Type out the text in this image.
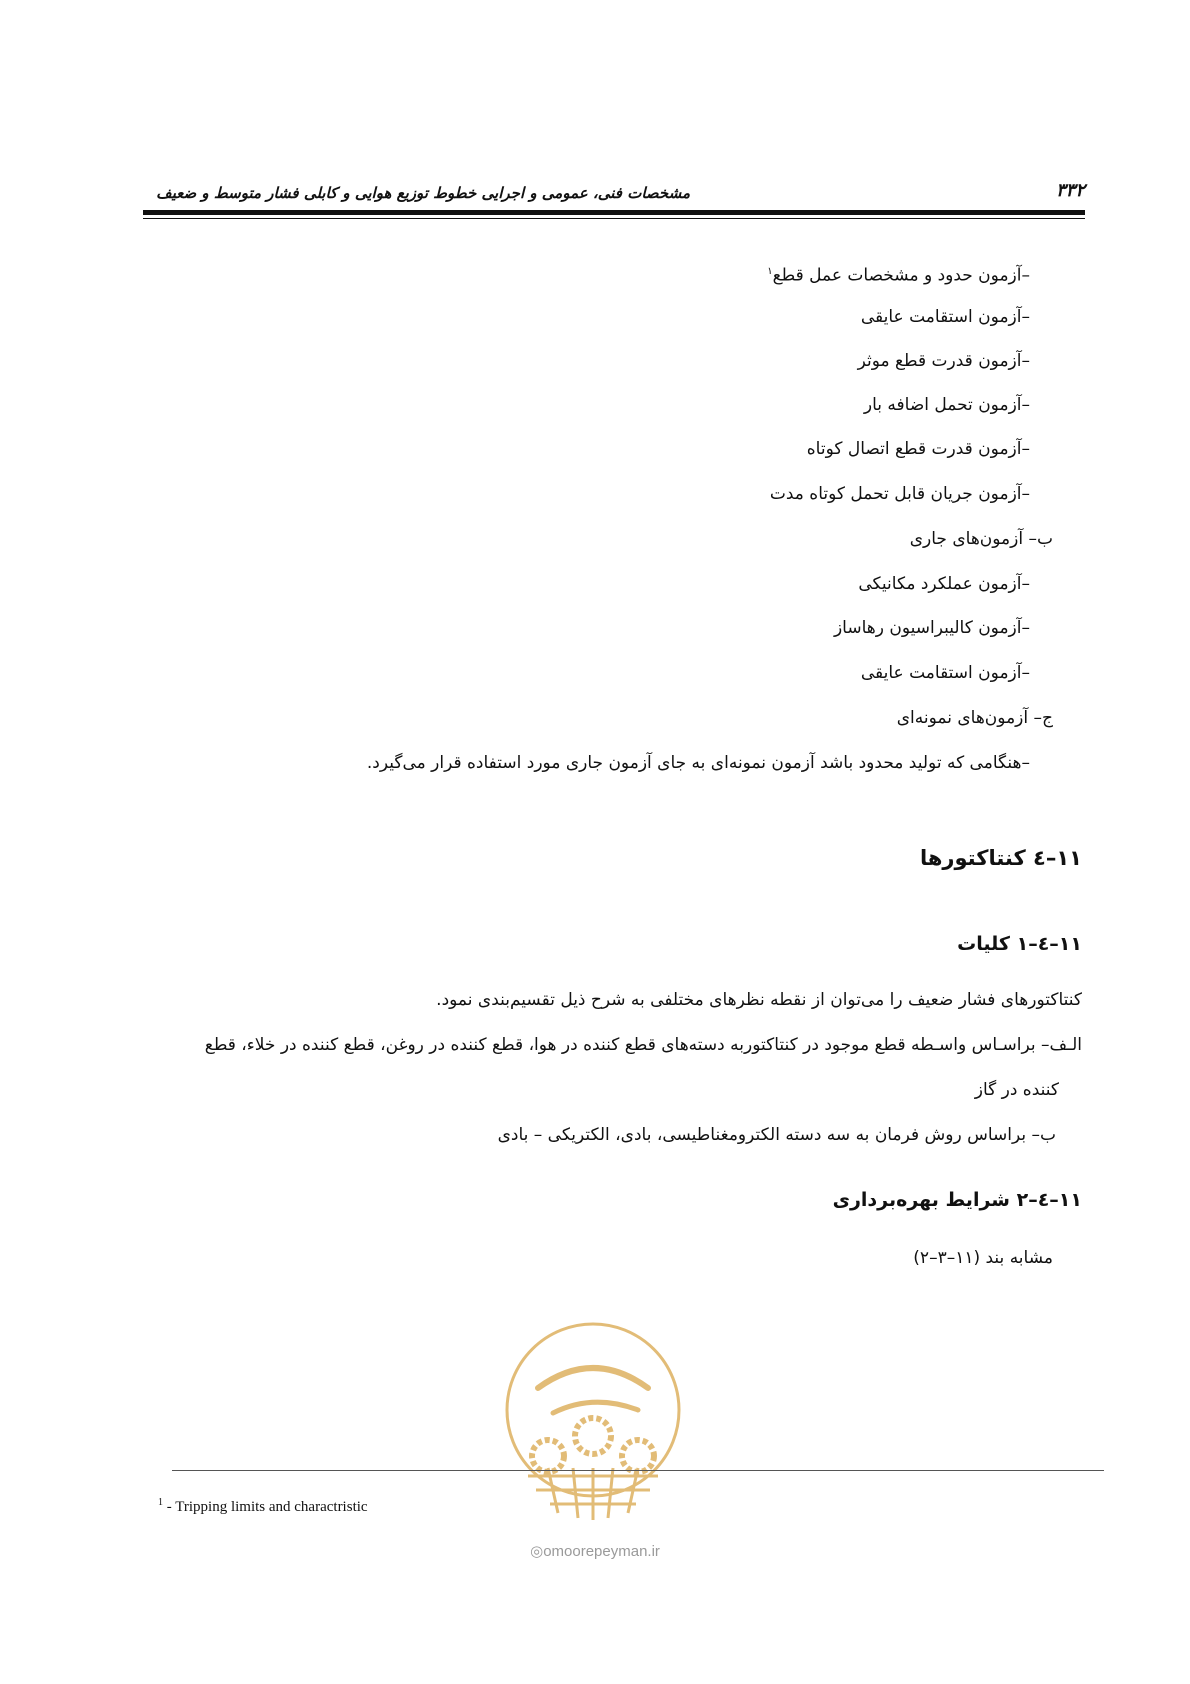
۳۳۲
مشخصات فنی، عمومی و اجرایی خطوط توزیع هوایی و کابلی فشار متوسط و ضعیف
–آزمون حدود و مشخصات عمل قطع$^۱$
–آزمون استقامت عایقی
–آزمون قدرت قطع موثر
–آزمون تحمل اضافه بار
–آزمون قدرت قطع اتصال کوتاه
–آزمون جریان قابل تحمل کوتاه مدت
ب– آزمون‌های جاری
–آزمون عملکرد مکانیکی
–آزمون کالیبراسیون رهاساز
–آزمون استقامت عایقی
ج– آزمون‌های نمونه‌ای
–هنگامی که تولید محدود باشد آزمون نمونه‌ای به جای آزمون جاری مورد استفاده قرار می‌گیرد.
۱۱–٤ کنتاکتورها
۱۱–٤–۱ کلیات
کنتاکتورهای فشار ضعیف را می‌توان از نقطه نظرهای مختلفی به شرح ذیل تقسیم‌بندی نمود.
الـف– براسـاس واسـطه قطع موجود در کنتاکتوربه دسته‌های قطع کننده در هوا، قطع کننده در روغن، قطع کننده در خلاء، قطع
کننده در گاز
ب– براساس روش فرمان به سه دسته الکترومغناطیسی، بادی، الکتریکی – بادی
۱۱–٤–۲ شرایط بهره‌برداری
مشابه بند (۱۱–۳–۲)
◎omoorepeyman.ir
$^1$ - Tripping limits and charactristic
